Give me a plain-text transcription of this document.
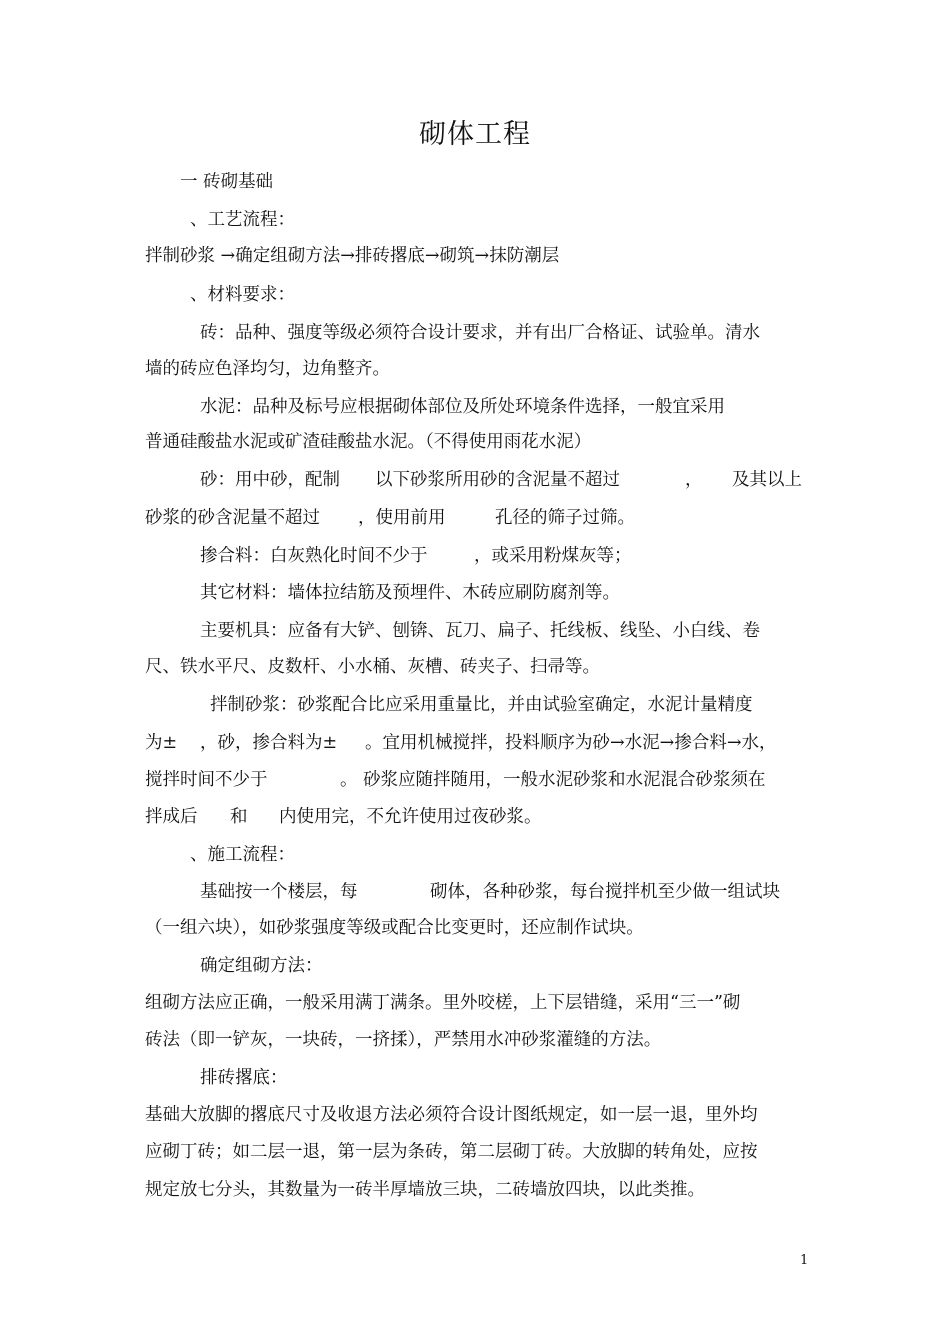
砌体工程
一 砖砌基础
、工艺流程：
拌制砂浆 →确定组砌方法→排砖撂底→砌筑→抹防潮层
、材料要求：
砖：品种、强度等级必须符合设计要求，并有出厂合格证、试验单。清水
墙的砖应色泽均匀，边角整齐。
水泥：品种及标号应根据砌体部位及所处环境条件选择，一般宜采用
普通硅酸盐水泥或矿渣硅酸盐水泥。（不得使用雨花水泥）
砂：用中砂，配制 以下砂浆所用砂的含泥量不超过	， 及其以上
砂浆的砂含泥量不超过 ，使用前用	孔径的筛子过筛。
掺合料：白灰熟化时间不少于	，或采用粉煤灰等；
其它材料：墙体拉结筋及预埋件、木砖应刷防腐剂等。
主要机具：应备有大铲、刨锛、瓦刀、扁子、托线板、线坠、小白线、卷
尺、铁水平尺、皮数杆、小水桶、灰槽、砖夹子、扫帚等。
拌制砂浆：砂浆配合比应采用重量比，并由试验室确定，水泥计量精度
为± ，砂，掺合料为± 。宜用机械搅拌，投料顺序为砂→水泥→掺合料→水，
搅拌时间不少于	。 砂浆应随拌随用，一般水泥砂浆和水泥混合砂浆须在
拌成后 和 内使用完，不允许使用过夜砂浆。
、施工流程：
基础按一个楼层，每	砌体，各种砂浆，每台搅拌机至少做一组试块
（一组六块），如砂浆强度等级或配合比变更时，还应制作试块。
确定组砌方法：
组砌方法应正确，一般采用满丁满条。里外咬槎，上下层错缝，采用“三一”砌
砖法（即一铲灰，一块砖，一挤揉），严禁用水冲砂浆灌缝的方法。
排砖撂底：
基础大放脚的撂底尺寸及收退方法必须符合设计图纸规定，如一层一退，里外均
应砌丁砖；如二层一退，第一层为条砖，第二层砌丁砖。大放脚的转角处，应按
规定放七分头，其数量为一砖半厚墙放三块，二砖墙放四块，以此类推。
1
